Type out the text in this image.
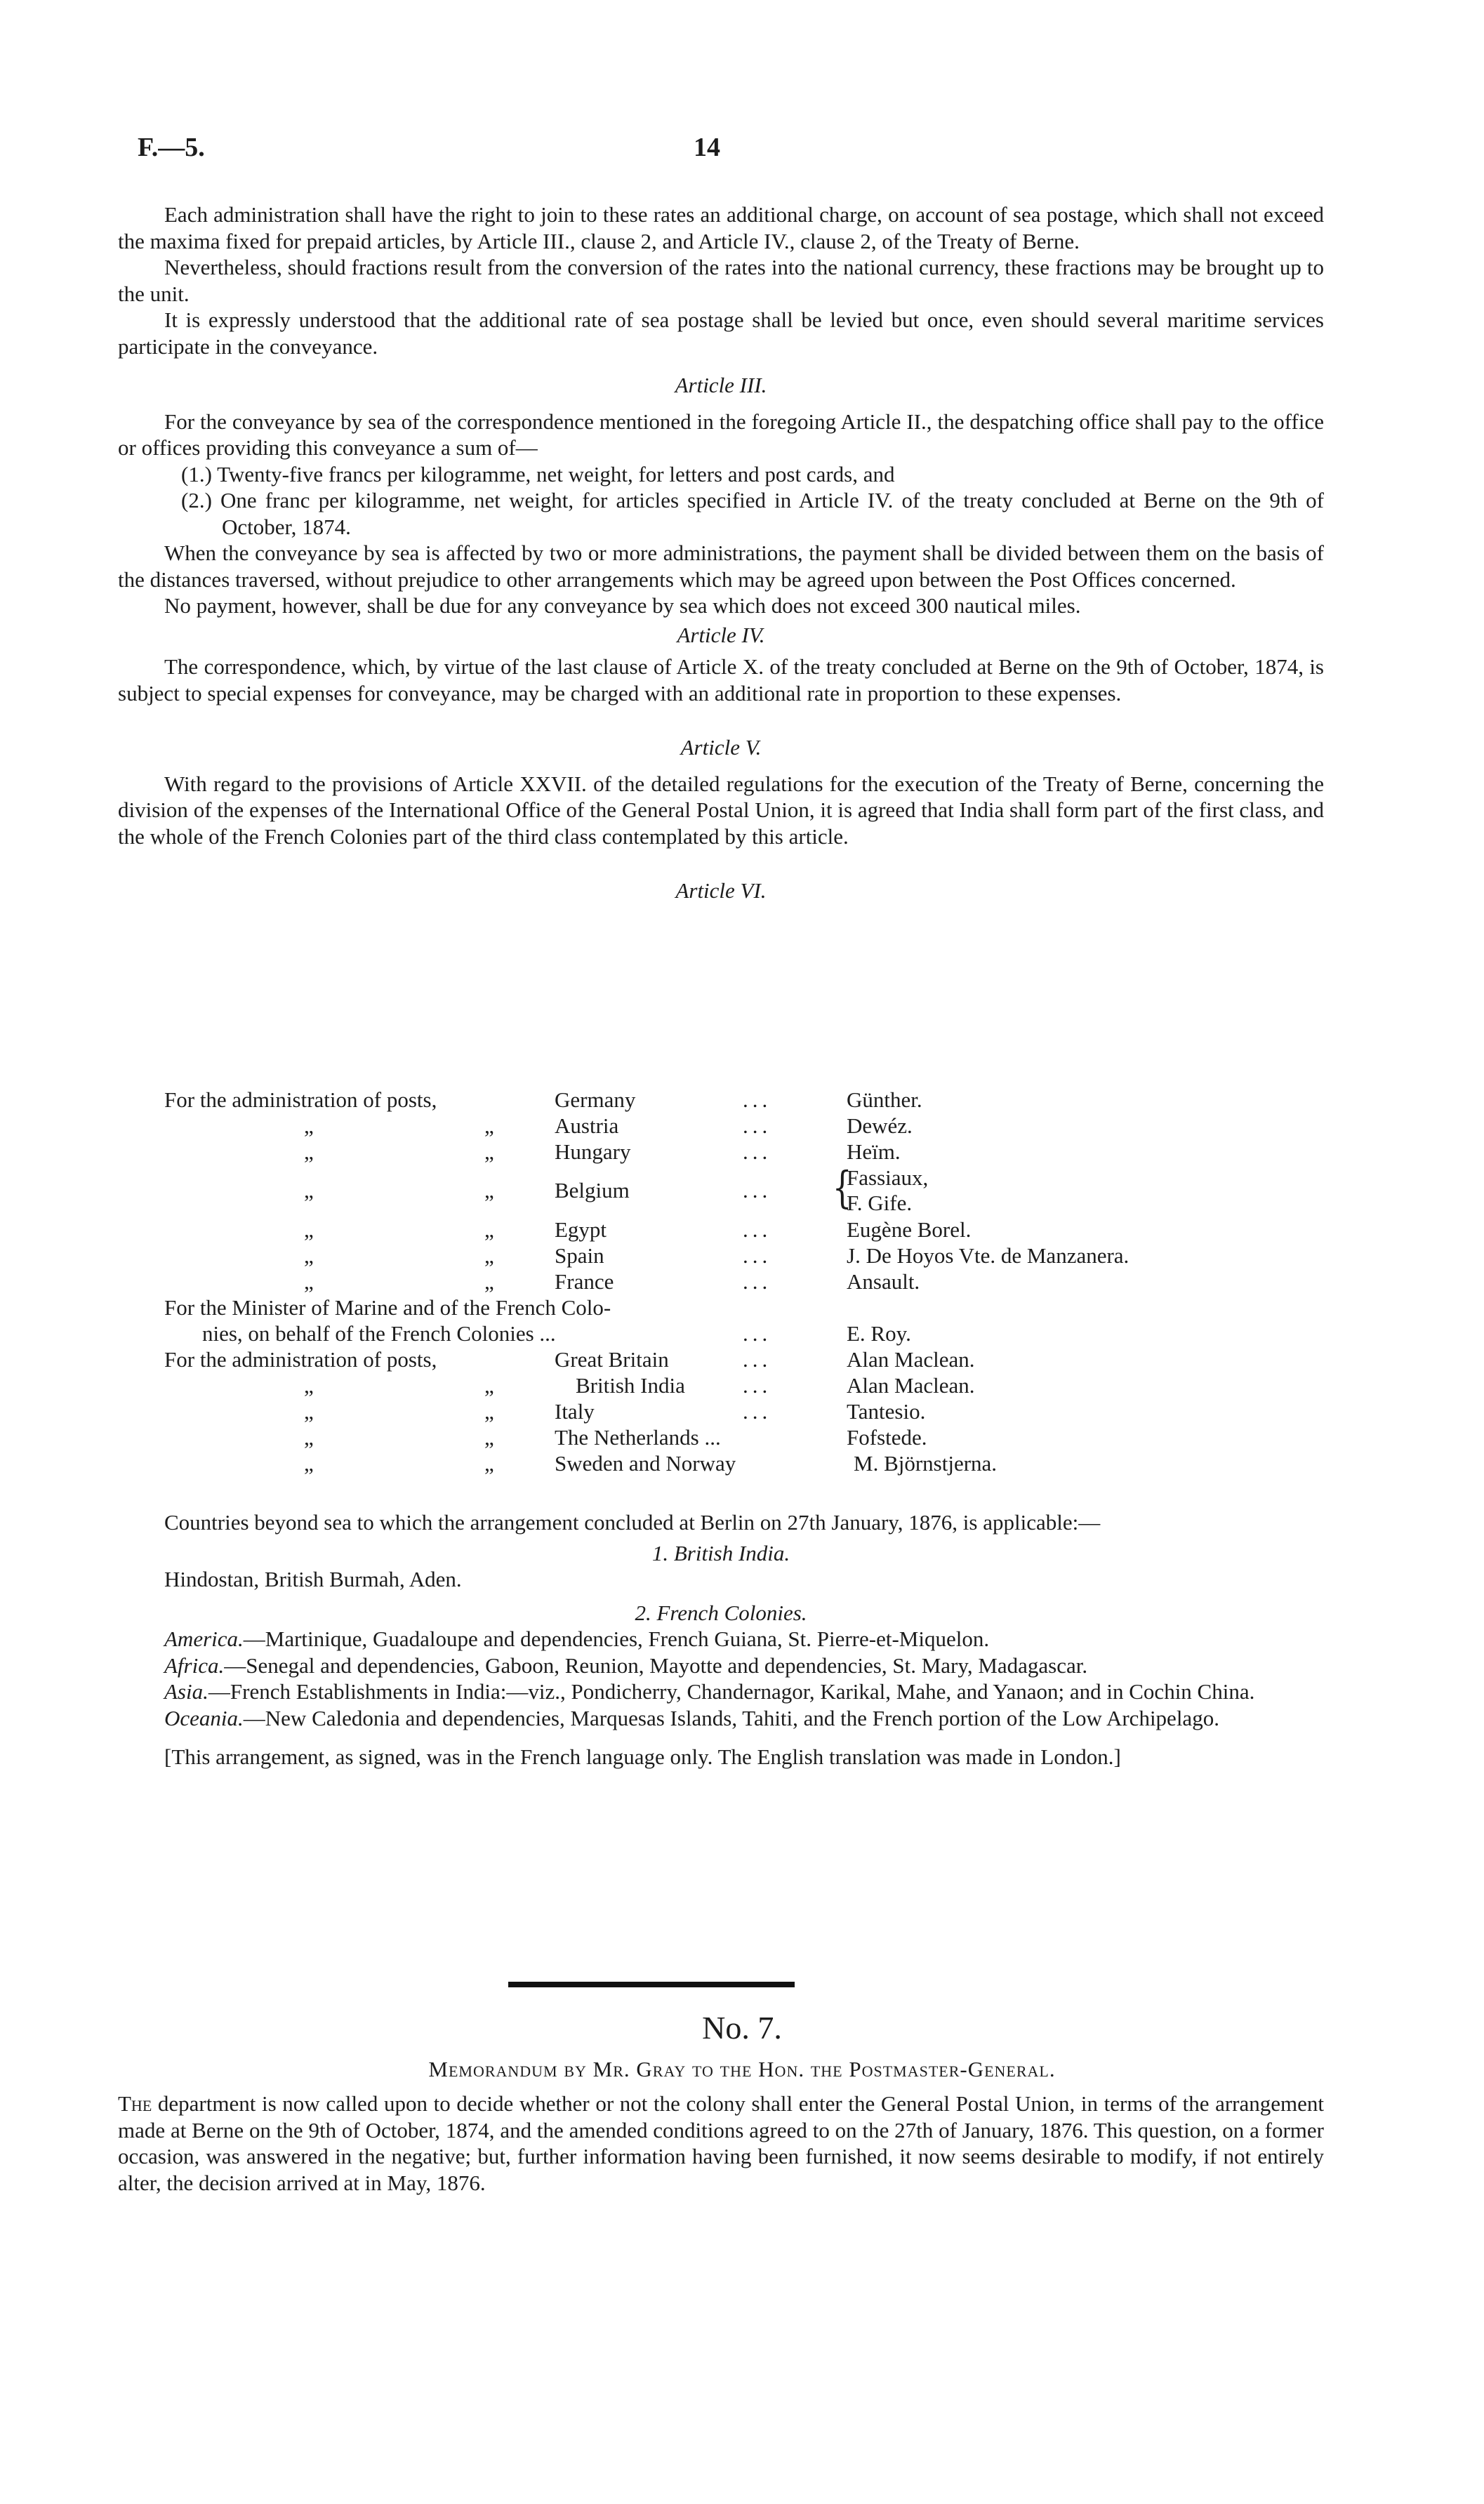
F.—5.	14

Each administration shall have the right to join to these rates an additional charge, on account of sea postage, which shall not exceed the maxima fixed for prepaid articles, by Article III., clause 2, and Article IV., clause 2, of the Treaty of Berne.

Nevertheless, should fractions result from the conversion of the rates into the national currency, these fractions may be brought up to the unit.

It is expressly understood that the additional rate of sea postage shall be levied but once, even should several maritime services participate in the conveyance.

Article III.

For the conveyance by sea of the correspondence mentioned in the foregoing Article II., the despatching office shall pay to the office or offices providing this conveyance a sum of—

(1.) Twenty-five francs per kilogramme, net weight, for letters and post cards, and
(2.) One franc per kilogramme, net weight, for articles specified in Article IV. of the treaty concluded at Berne on the 9th of October, 1874.

When the conveyance by sea is affected by two or more administrations, the payment shall be divided between them on the basis of the distances traversed, without prejudice to other arrangements which may be agreed upon between the Post Offices concerned.

No payment, however, shall be due for any conveyance by sea which does not exceed 300 nautical miles.

Article IV.

The correspondence, which, by virtue of the last clause of Article X. of the treaty concluded at Berne on the 9th of October, 1874, is subject to special expenses for conveyance, may be charged with an additional rate in proportion to these expenses.

Article V.

With regard to the provisions of Article XXVII. of the detailed regulations for the execution of the Treaty of Berne, concerning the division of the expenses of the International Office of the General Postal Union, it is agreed that India shall form part of the first class, and the whole of the French Colonies part of the third class contemplated by this article.

Article VI.
For the administration of posts,	Germany	...	Günther.
„	„	Austria	...	Dewéz.
„	„	Hungary	...	Heïm.
„	„	Belgium	... {
Fassiaux,
F. Gife.
„	„	Egypt	...	Eugène Borel.
„	„	Spain	...	J. De Hoyos Vte. de Manzanera.
„	„	France	...	Ansault.
For the Minister of Marine and of the French Colo-
nies, on behalf of the French Colonies ...	...	E. Roy.
For the administration of posts,	Great Britain	...	Alan Maclean.
„	„	British India	...	Alan Maclean.
„	„	Italy	...	Tantesio.
„	„	The Netherlands ...	Fofstede.
„	„	Sweden and Norway	M. Björnstjerna.

Countries beyond sea to which the arrangement concluded at Berlin on 27th January, 1876, is applicable:—

1. British India.

Hindostan, British Burmah, Aden.

2. French Colonies.

America.—Martinique, Guadaloupe and dependencies, French Guiana, St. Pierre-et-Miquelon.

Africa.—Senegal and dependencies, Gaboon, Reunion, Mayotte and dependencies, St. Mary, Madagascar.

Asia.—French Establishments in India:—viz., Pondicherry, Chandernagor, Karikal, Mahe, and Yanaon; and in Cochin China.

Oceania.—New Caledonia and dependencies, Marquesas Islands, Tahiti, and the French portion of the Low Archipelago.

[This arrangement, as signed, was in the French language only. The English translation was made in London.]

No. 7.
Memorandum by Mr. Gray to the Hon. the Postmaster-General.
The department is now called upon to decide whether or not the colony shall enter the General Postal Union, in terms of the arrangement made at Berne on the 9th of October, 1874, and the amended conditions agreed to on the 27th of January, 1876. This question, on a former occasion, was answered in the negative; but, further information having been furnished, it now seems desirable to modify, if not entirely alter, the decision arrived at in May, 1876.
